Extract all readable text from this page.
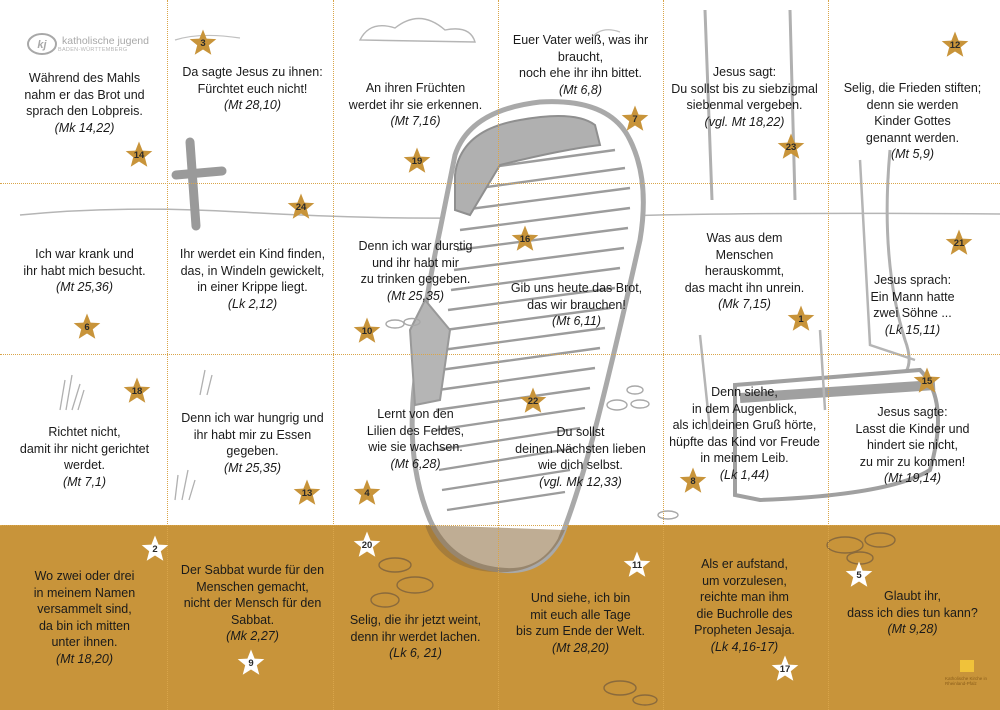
kj katholische jugend
BADEN-WÜRTTEMBERG
Während des Mahls
nahm er das Brot und
sprach den Lobpreis.
(Mk 14,22)
Da sagte Jesus zu ihnen:
Fürchtet euch nicht!
(Mt 28,10)
An ihren Früchten
werdet ihr sie erkennen.
(Mt 7,16)
Euer Vater weiß, was ihr
braucht,
noch ehe ihr ihn bittet.
(Mt 6,8)
Jesus sagt:
Du sollst bis zu siebzigmal
siebenmal vergeben.
(vgl. Mt 18,22)
Selig, die Frieden stiften;
denn sie werden
Kinder Gottes
genannt werden.
(Mt 5,9)
Ich war krank und
ihr habt mich besucht.
(Mt 25,36)
Ihr werdet ein Kind finden,
das, in Windeln gewickelt,
in einer Krippe liegt.
(Lk 2,12)
Denn ich war durstig
und ihr habt mir
zu trinken gegeben.
(Mt 25,35)
Gib uns heute das Brot,
das wir brauchen!
(Mt 6,11)
Was aus dem
Menschen
herauskommt,
das macht ihn unrein.
(Mk 7,15)
Jesus sprach:
Ein Mann hatte
zwei Söhne ...
(Lk 15,11)
Richtet nicht,
damit ihr nicht gerichtet
werdet.
(Mt 7,1)
Denn ich war hungrig und
ihr habt mir zu Essen
gegeben.
(Mt 25,35)
Lernt von den
Lilien des Feldes,
wie sie wachsen.
(Mt 6,28)
Du sollst
deinen Nächsten lieben
wie dich selbst.
(vgl. Mk 12,33)
Denn siehe,
in dem Augenblick,
als ich deinen Gruß hörte,
hüpfte das Kind vor Freude
in meinem Leib.
(Lk 1,44)
Jesus sagte:
Lasst die Kinder und
hindert sie nicht,
zu mir zu kommen!
(Mt 19,14)
Wo zwei oder drei
in meinem Namen
versammelt sind,
da bin ich mitten
unter ihnen.
(Mt 18,20)
Der Sabbat wurde für den
Menschen gemacht,
nicht der Mensch für den
Sabbat.
(Mk 2,27)
Selig, die ihr jetzt weint,
denn ihr werdet lachen.
(Lk 6, 21)
Und siehe, ich bin
mit euch alle Tage
bis zum Ende der Welt.
(Mt 28,20)
Als er aufstand,
um vorzulesen,
reichte man ihm
die Buchrolle des
Propheten Jesaja.
(Lk 4,16-17)
Glaubt ihr,
dass ich dies tun kann?
(Mt 9,28)
3	12
7
14
19
23
24
16	21
6	10
1
18
22
15
13	4
8
2	20
11
5
9
17
Katholische Kirche in Rheinland-Pfalz
